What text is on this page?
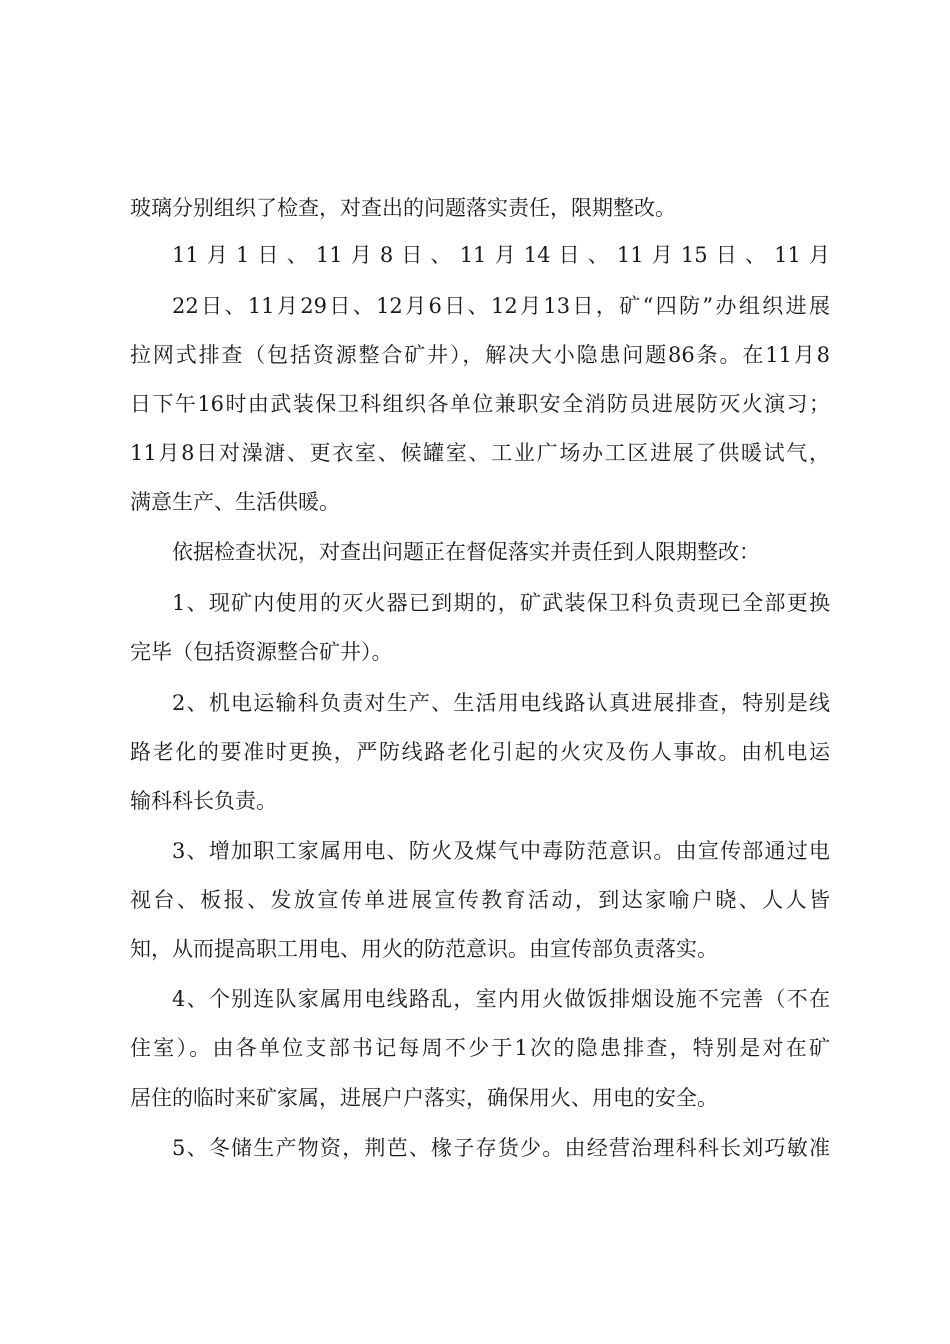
玻璃分别组织了检查，对查出的问题落实责任，限期整改。
11月1日、11月8日、11月14日、11月15日、11月
22日、11月29日、12月6日、12月13日，矿“四防”办组织进展
拉网式排查（包括资源整合矿井），解决大小隐患问题86条。在11月8
日下午16时由武装保卫科组织各单位兼职安全消防员进展防灭火演习；
11月8日对澡溏、更衣室、候罐室、工业广场办工区进展了供暖试气，
满意生产、生活供暖。
依据检查状况，对查出问题正在督促落实并责任到人限期整改：
1、现矿内使用的灭火器已到期的，矿武装保卫科负责现已全部更换
完毕（包括资源整合矿井）。
2、机电运输科负责对生产、生活用电线路认真进展排查，特别是线
路老化的要准时更换，严防线路老化引起的火灾及伤人事故。由机电运
输科科长负责。
3、增加职工家属用电、防火及煤气中毒防范意识。由宣传部通过电
视台、板报、发放宣传单进展宣传教育活动，到达家喻户晓、人人皆
知，从而提高职工用电、用火的防范意识。由宣传部负责落实。
4、个别连队家属用电线路乱，室内用火做饭排烟设施不完善（不在
住室）。由各单位支部书记每周不少于1次的隐患排查，特别是对在矿
居住的临时来矿家属，进展户户落实，确保用火、用电的安全。
5、冬储生产物资，荆芭、椽子存货少。由经营治理科科长刘巧敏准
